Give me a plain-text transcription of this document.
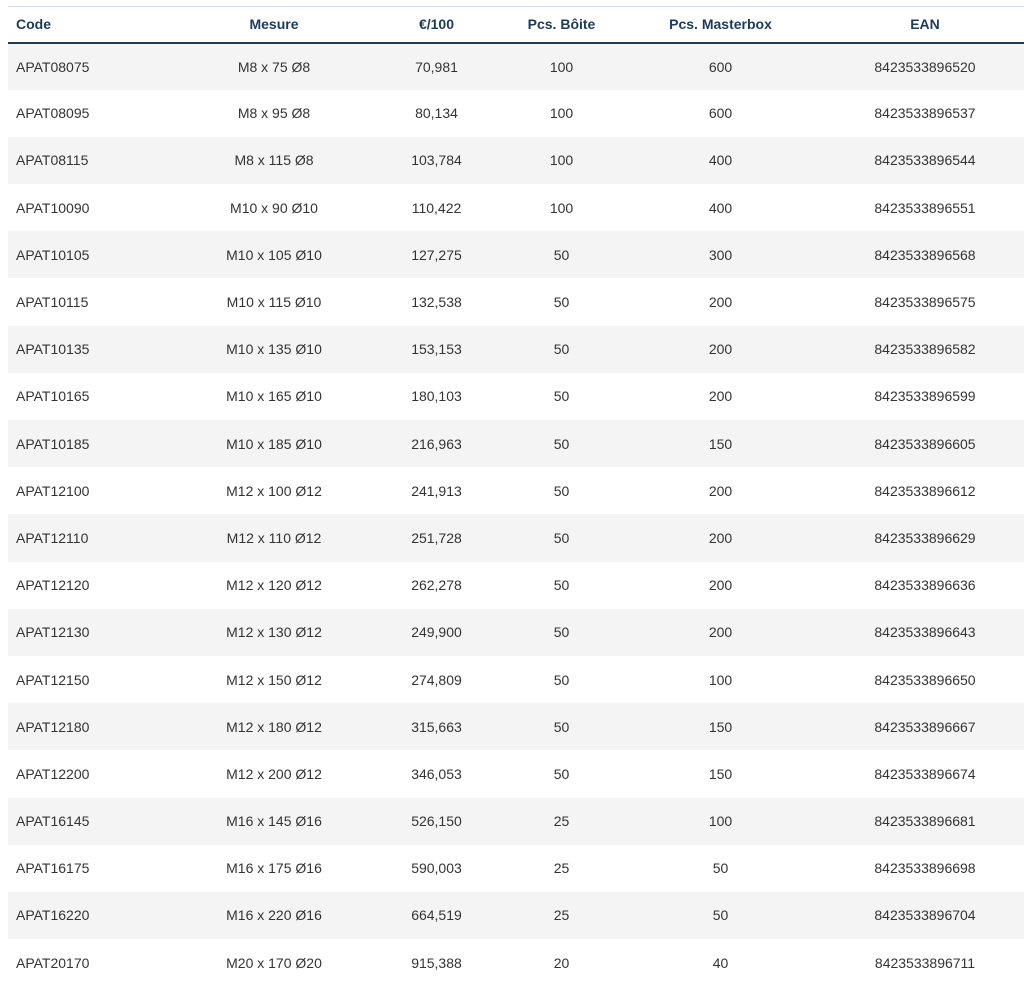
Code	Mesure	€/100	Pcs. Bôite	Pcs. Masterbox	EAN
APAT08075	M8 x 75 Ø8	70,981	100	600	8423533896520
APAT08095	M8 x 95 Ø8	80,134	100	600	8423533896537
APAT08115	M8 x 115 Ø8	103,784	100	400	8423533896544
APAT10090	M10 x 90 Ø10	110,422	100	400	8423533896551
APAT10105	M10 x 105 Ø10	127,275	50	300	8423533896568
APAT10115	M10 x 115 Ø10	132,538	50	200	8423533896575
APAT10135	M10 x 135 Ø10	153,153	50	200	8423533896582
APAT10165	M10 x 165 Ø10	180,103	50	200	8423533896599
APAT10185	M10 x 185 Ø10	216,963	50	150	8423533896605
APAT12100	M12 x 100 Ø12	241,913	50	200	8423533896612
APAT12110	M12 x 110 Ø12	251,728	50	200	8423533896629
APAT12120	M12 x 120 Ø12	262,278	50	200	8423533896636
APAT12130	M12 x 130 Ø12	249,900	50	200	8423533896643
APAT12150	M12 x 150 Ø12	274,809	50	100	8423533896650
APAT12180	M12 x 180 Ø12	315,663	50	150	8423533896667
APAT12200	M12 x 200 Ø12	346,053	50	150	8423533896674
APAT16145	M16 x 145 Ø16	526,150	25	100	8423533896681
APAT16175	M16 x 175 Ø16	590,003	25	50	8423533896698
APAT16220	M16 x 220 Ø16	664,519	25	50	8423533896704
APAT20170	M20 x 170 Ø20	915,388	20	40	8423533896711
